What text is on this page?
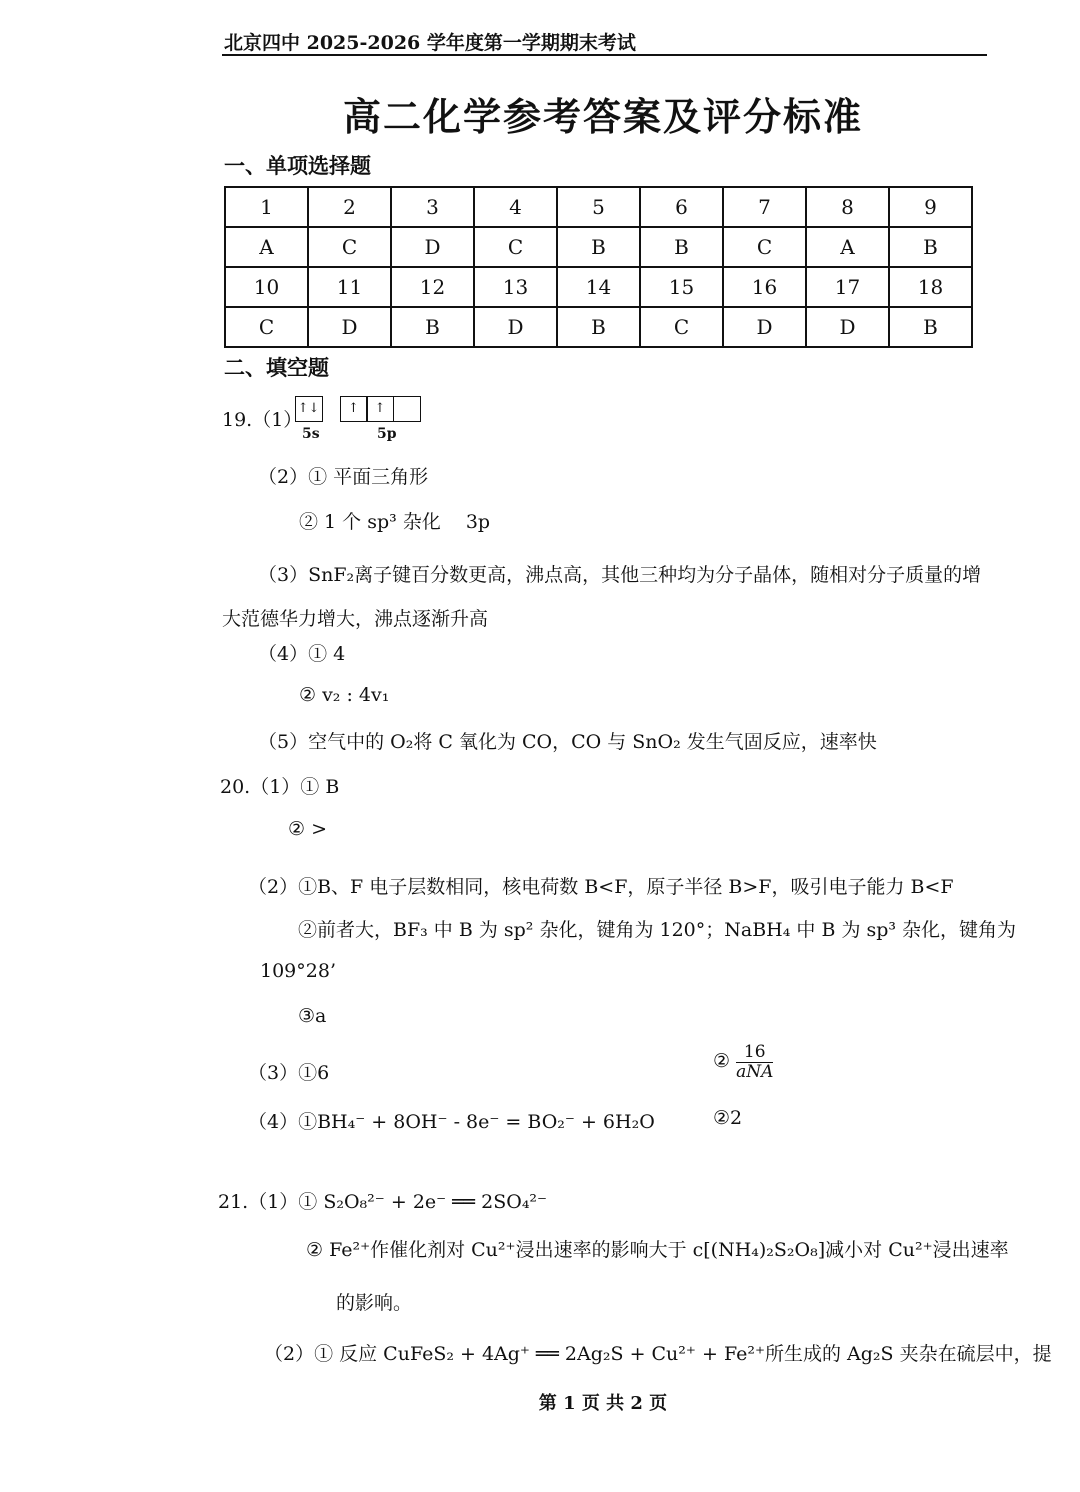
北京四中 2025-2026 学年度第一学期期末考试
高二化学参考答案及评分标准
一、单项选择题
1	2	3	4	5	6	7	8	9
A	C	D	C	B	B	C	A	B
10	11	12	13	14	15	16	17	18
C	D	B	D	B	C	D	D	B
二、填空题
19.（1）
↑↓	↑ ↑
5s	5p
（2）① 平面三角形
② 1 个 sp³ 杂化　 3p
（3）SnF₂离子键百分数更高，沸点高，其他三种均为分子晶体，随相对分子质量的增
大范德华力增大，沸点逐渐升高
（4）① 4
② v₂ : 4v₁
（5）空气中的 O₂将 C 氧化为 CO，CO 与 SnO₂ 发生气固反应，速率快
20.（1）① B
② >
（2）①B、F 电子层数相同，核电荷数 B<F，原子半径 B>F，吸引电子能力 B<F
②前者大，BF₃ 中 B 为 sp² 杂化，键角为 120°；NaBH₄ 中 B 为 sp³ 杂化，键角为
109°28’
③a
（3）①6
② $\frac{16}{\text{aNA}}$
（4）①BH₄⁻ + 8OH⁻ - 8e⁻ = BO₂⁻ + 6H₂O	②2
21.（1）① S₂O₈²⁻ + 2e⁻ ══ 2SO₄²⁻
② Fe²⁺作催化剂对 Cu²⁺浸出速率的影响大于 c[(NH₄)₂S₂O₈]减小对 Cu²⁺浸出速率
的影响。
（2）① 反应 CuFeS₂ + 4Ag⁺ ══ 2Ag₂S + Cu²⁺ + Fe²⁺所生成的 Ag₂S 夹杂在硫层中，提
第 1 页 共 2 页
